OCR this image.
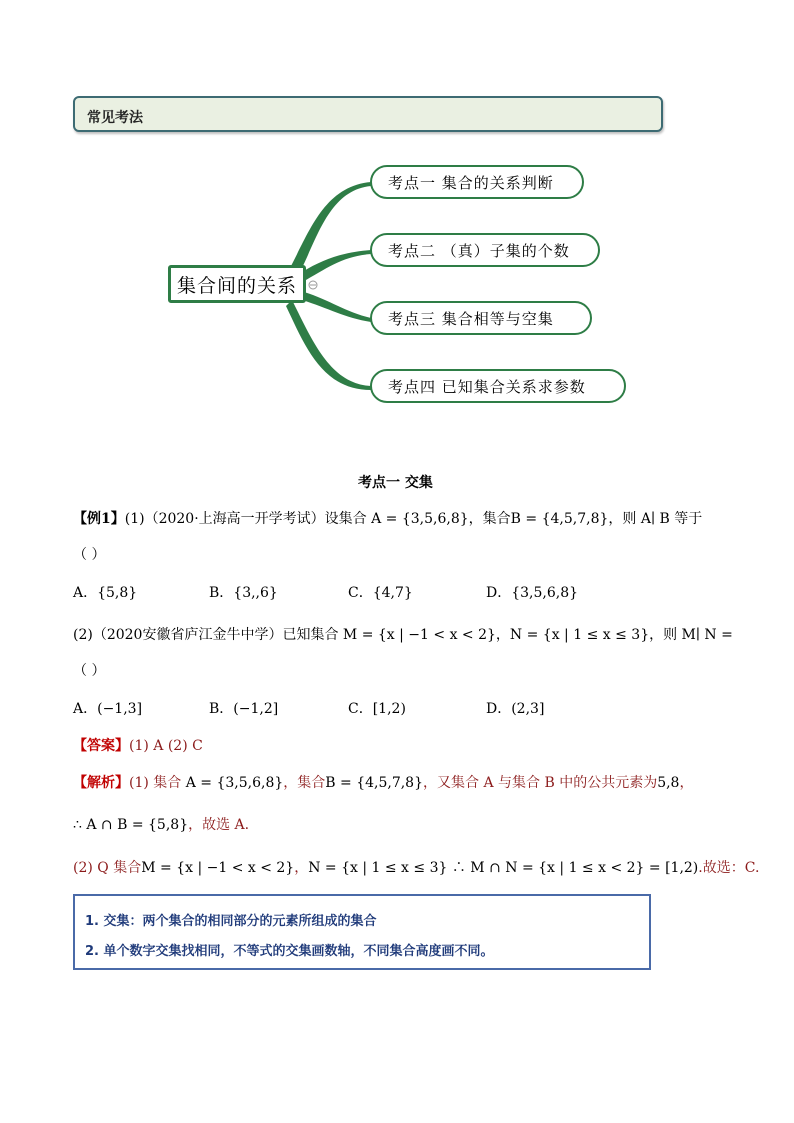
常见考法
集合间的关系
考点一 集合的关系判断
考点二 （真）子集的个数
考点三 集合相等与空集
考点四 已知集合关系求参数
考点一 交集
【例1】(1)（2020·上海高一开学考试）设集合 A = {3,5,6,8}，集合B = {4,5,7,8}，则 A∣ B 等于
（ ）
A．{5,8}	B．{3,,6}	C．{4,7}	D．{3,5,6,8}
(2)（2020安徽省庐江金牛中学）已知集合 M = {x | −1 < x < 2}，N = {x | 1 ≤ x ≤ 3}，则 M∣ N =
（ ）
A．(−1,3]	B．(−1,2]	C．[1,2)	D．(2,3]
【答案】(1) A (2) C
【解析】(1) 集合 A = {3,5,6,8}，集合B = {4,5,7,8}，又集合 A 与集合 B 中的公共元素为5,8，
∴ A ∩ B = {5,8}，故选 A.
(2) Q 集合M = {x | −1 < x < 2}，N = {x | 1 ≤ x ≤ 3} ∴ M ∩ N = {x | 1 ≤ x < 2} = [1,2).故选：C.
1. 交集：两个集合的相同部分的元素所组成的集合
2. 单个数字交集找相同，不等式的交集画数轴，不同集合高度画不同。
